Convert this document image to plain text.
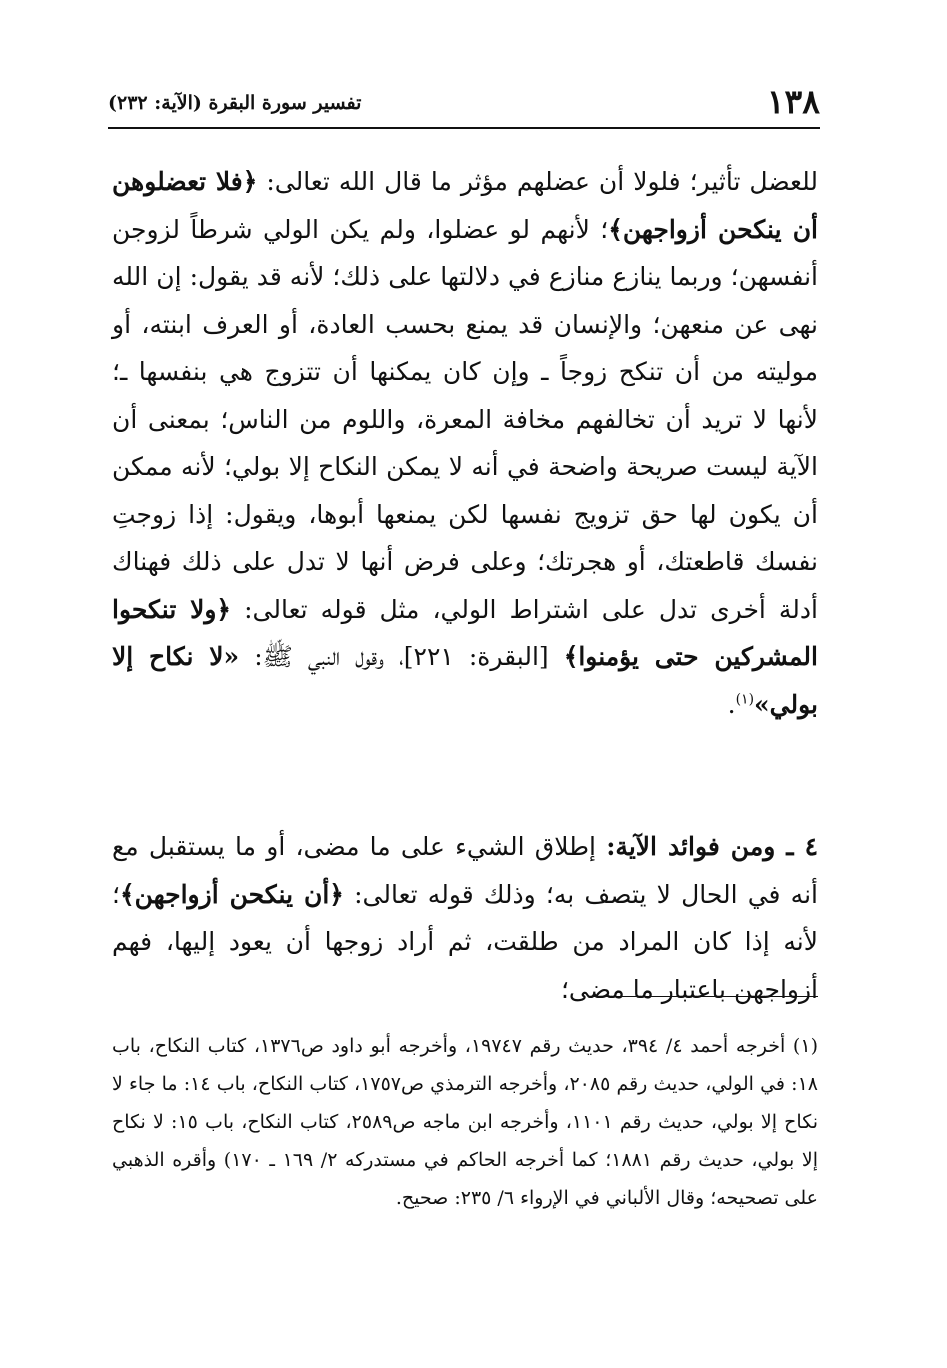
١٣٨
تفسير سورة البقرة (الآية: ٢٣٢)

للعضل تأثير؛ فلولا أن عضلهم مؤثر ما قال الله تعالى: ﴿فلا تعضلوهن أن ينكحن أزواجهن﴾؛ لأنهم لو عضلوا، ولم يكن الولي شرطاً لزوجن أنفسهن؛ وربما ينازع منازع في دلالتها على ذلك؛ لأنه قد يقول: إن الله نهى عن منعهن؛ والإنسان قد يمنع بحسب العادة، أو العرف ابنته، أو موليته من أن تنكح زوجاً ـ وإن كان يمكنها أن تتزوج هي بنفسها ـ؛ لأنها لا تريد أن تخالفهم مخافة المعرة، واللوم من الناس؛ بمعنى أن الآية ليست صريحة واضحة في أنه لا يمكن النكاح إلا بولي؛ لأنه ممكن أن يكون لها حق تزويج نفسها لكن يمنعها أبوها، ويقول: إذا زوجتِ نفسك قاطعتك، أو هجرتك؛ وعلى فرض أنها لا تدل على ذلك فهناك أدلة أخرى تدل على اشتراط الولي، مثل قوله تعالى: ﴿ولا تنكحوا المشركين حتى يؤمنوا﴾ [البقرة: ٢٢١]، وقول النبي ﷺ: «لا نكاح إلا بولي»$^{(١)}$.

٤ ـ ومن فوائد الآية: إطلاق الشيء على ما مضى، أو ما يستقبل مع أنه في الحال لا يتصف به؛ وذلك قوله تعالى: ﴿أن ينكحن أزواجهن﴾؛ لأنه إذا كان المراد من طلقت، ثم أراد زوجها أن يعود إليها، فهم أزواجهن باعتبار ما مضى؛

(١) أخرجه أحمد ٤/ ٣٩٤، حديث رقم ١٩٧٤٧، وأخرجه أبو داود ص١٣٧٦، كتاب النكاح، باب ١٨: في الولي، حديث رقم ٢٠٨٥، وأخرجه الترمذي ص١٧٥٧، كتاب النكاح، باب ١٤: ما جاء لا نكاح إلا بولي، حديث رقم ١١٠١، وأخرجه ابن ماجه ص٢٥٨٩، كتاب النكاح، باب ١٥: لا نكاح إلا بولي، حديث رقم ١٨٨١؛ كما أخرجه الحاكم في مستدركه ٢/ ١٦٩ ـ ١٧٠) وأقره الذهبي على تصحيحه؛ وقال الألباني في الإرواء ٦/ ٢٣٥: صحيح.
